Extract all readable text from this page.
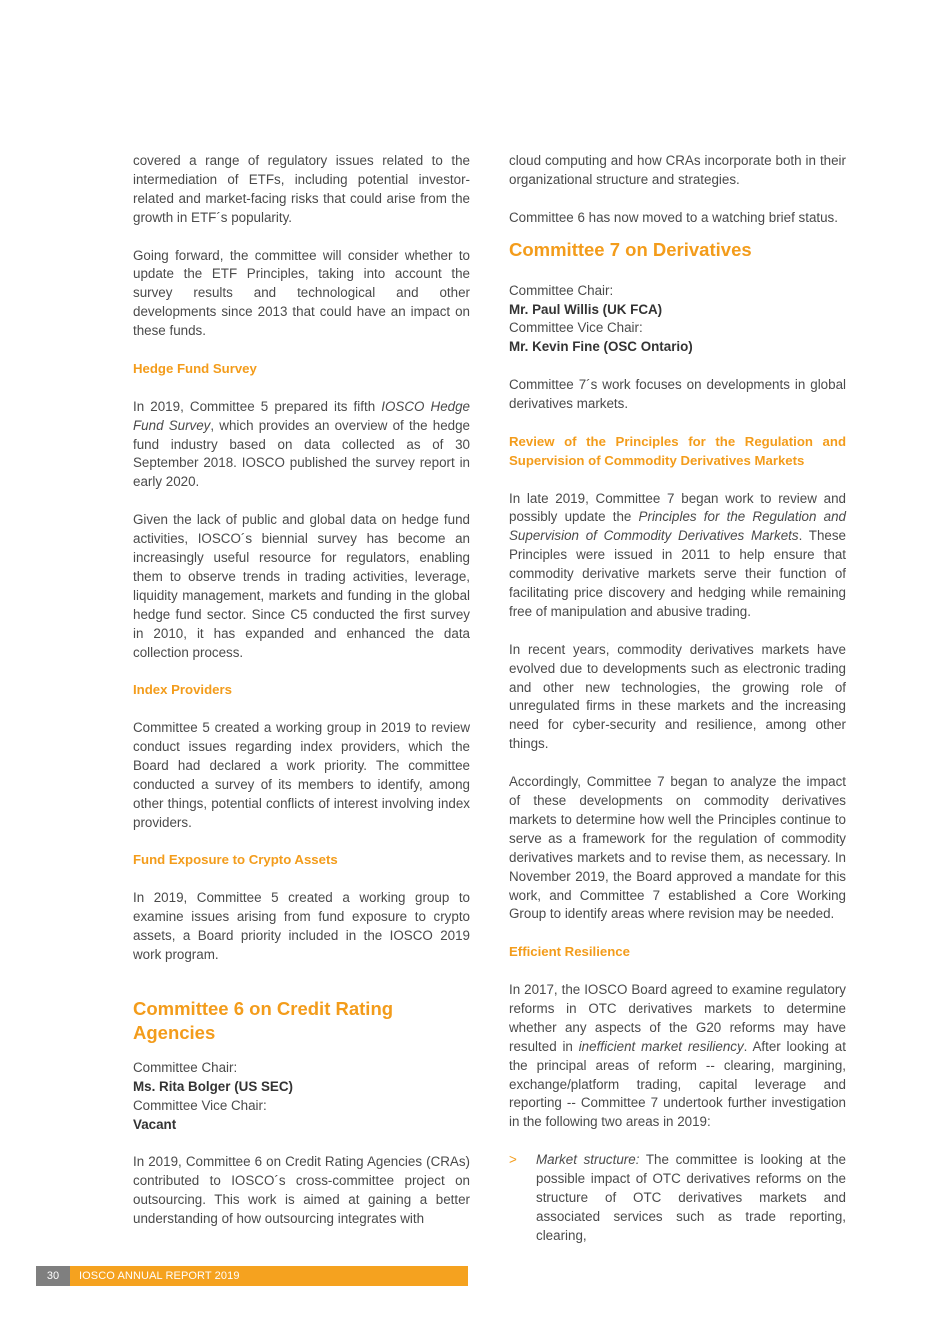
covered a range of regulatory issues related to the intermediation of ETFs, including potential investor-related and market-facing risks that could arise from the growth in ETF´s popularity.

Going forward, the committee will consider whether to update the ETF Principles, taking into account the survey results and technological and other developments since 2013 that could have an impact on these funds.

Hedge Fund Survey

In 2019, Committee 5 prepared its fifth IOSCO Hedge Fund Survey, which provides an overview of the hedge fund industry based on data collected as of 30 September 2018. IOSCO published the survey report in early 2020.

Given the lack of public and global data on hedge fund activities, IOSCO´s biennial survey has become an increasingly useful resource for regulators, enabling them to observe trends in trading activities, leverage, liquidity management, markets and funding in the global hedge fund sector. Since C5 conducted the first survey in 2010, it has expanded and enhanced the data collection process.

Index Providers

Committee 5 created a working group in 2019 to review conduct issues regarding index providers, which the Board had declared a work priority. The committee conducted a survey of its members to identify, among other things, potential conflicts of interest involving index providers.

Fund Exposure to Crypto Assets

In 2019, Committee 5 created a working group to examine issues arising from fund exposure to crypto assets, a Board priority included in the IOSCO 2019 work program.

Committee 6 on Credit Rating Agencies
Committee Chair:
Ms. Rita Bolger (US SEC)
Committee Vice Chair:
Vacant

In 2019, Committee 6 on Credit Rating Agencies (CRAs) contributed to IOSCO´s cross-committee project on outsourcing. This work is aimed at gaining a better understanding of how outsourcing integrates with

cloud computing and how CRAs incorporate both in their organizational structure and strategies.

Committee 6 has now moved to a watching brief status.

Committee 7 on Derivatives
Committee Chair:
Mr. Paul Willis (UK FCA)
Committee Vice Chair:
Mr. Kevin Fine (OSC Ontario)

Committee 7´s work focuses on developments in global derivatives markets.

Review of the Principles for the Regulation and Supervision of Commodity Derivatives Markets

In late 2019, Committee 7 began work to review and possibly update the Principles for the Regulation and Supervision of Commodity Derivatives Markets. These Principles were issued in 2011 to help ensure that commodity derivative markets serve their function of facilitating price discovery and hedging while remaining free of manipulation and abusive trading.

In recent years, commodity derivatives markets have evolved due to developments such as electronic trading and other new technologies, the growing role of unregulated firms in these markets and the increasing need for cyber-security and resilience, among other things.

Accordingly, Committee 7 began to analyze the impact of these developments on commodity derivatives markets to determine how well the Principles continue to serve as a framework for the regulation of commodity derivatives markets and to revise them, as necessary. In November 2019, the Board approved a mandate for this work, and Committee 7 established a Core Working Group to identify areas where revision may be needed.

Efficient Resilience

In 2017, the IOSCO Board agreed to examine regulatory reforms in OTC derivatives markets to determine whether any aspects of the G20 reforms may have resulted in inefficient market resiliency. After looking at the principal areas of reform -- clearing, margining, exchange/platform trading, capital leverage and reporting -- Committee 7 undertook further investigation in the following two areas in 2019:

>	Market structure: The committee is looking at the possible impact of OTC derivatives reforms on the structure of OTC derivatives markets and associated services such as trade reporting, clearing,
30	IOSCO ANNUAL REPORT 2019
